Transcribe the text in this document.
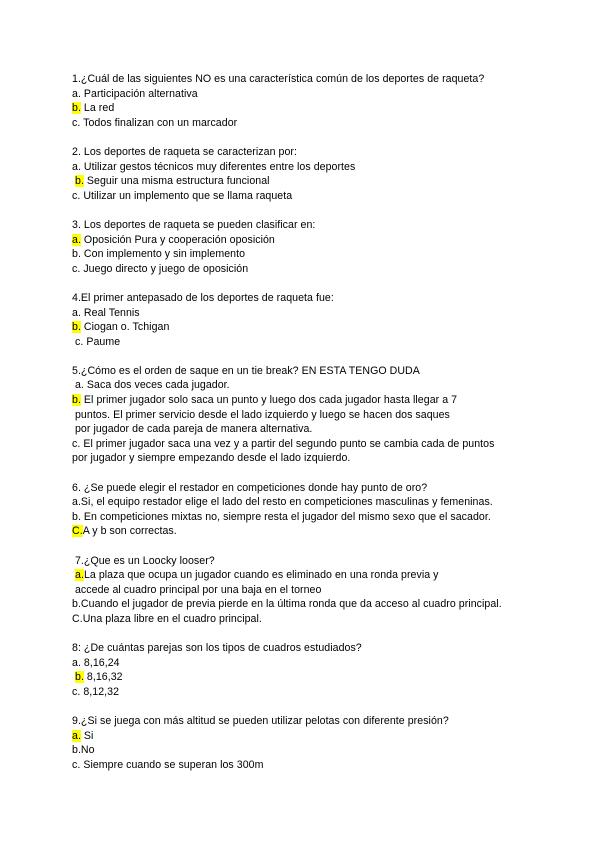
1.¿Cuál de las siguientes NO es una característica común de los deportes de raqueta?
a. Participación alternativa
b. La red
c. Todos finalizan con un marcador
2. Los deportes de raqueta se caracterizan por:
a. Utilizar gestos técnicos muy diferentes entre los deportes
b. Seguir una misma estructura funcional
c. Utilizar un implemento que se llama raqueta
3. Los deportes de raqueta se pueden clasificar en:
a. Oposición Pura y cooperación oposición
b. Con implemento y sin implemento
c. Juego directo y juego de oposición
4.El primer antepasado de los deportes de raqueta fue:
a. Real Tennis
b. Ciogan o. Tchigan
c. Paume
5.¿Cómo es el orden de saque en un tie break? EN ESTA TENGO DUDA
a. Saca dos veces cada jugador.
b. El primer jugador solo saca un punto y luego dos cada jugador hasta llegar a 7
puntos. El primer servicio desde el lado izquierdo y luego se hacen dos saques
por jugador de cada pareja de manera alternativa.
c. El primer jugador saca una vez y a partir del segundo punto se cambia cada de puntos
por jugador y siempre empezando desde el lado izquierdo.
6. ¿Se puede elegir el restador en competiciones donde hay punto de oro?
a.Si, el equipo restador elige el lado del resto en competiciones masculinas y femeninas.
b. En competiciones mixtas no, siempre resta el jugador del mismo sexo que el sacador.
C.A y b son correctas.
7.¿Que es un Loocky looser?
a.La plaza que ocupa un jugador cuando es eliminado en una ronda previa y
accede al cuadro principal por una baja en el torneo
b.Cuando el jugador de previa pierde en la última ronda que da acceso al cuadro principal.
C.Una plaza libre en el cuadro principal.
8: ¿De cuántas parejas son los tipos de cuadros estudiados?
a. 8,16,24
b. 8,16,32
c. 8,12,32
9.¿Si se juega con más altitud se pueden utilizar pelotas con diferente presión?
a. Si
b.No
c. Siempre cuando se superan los 300m
